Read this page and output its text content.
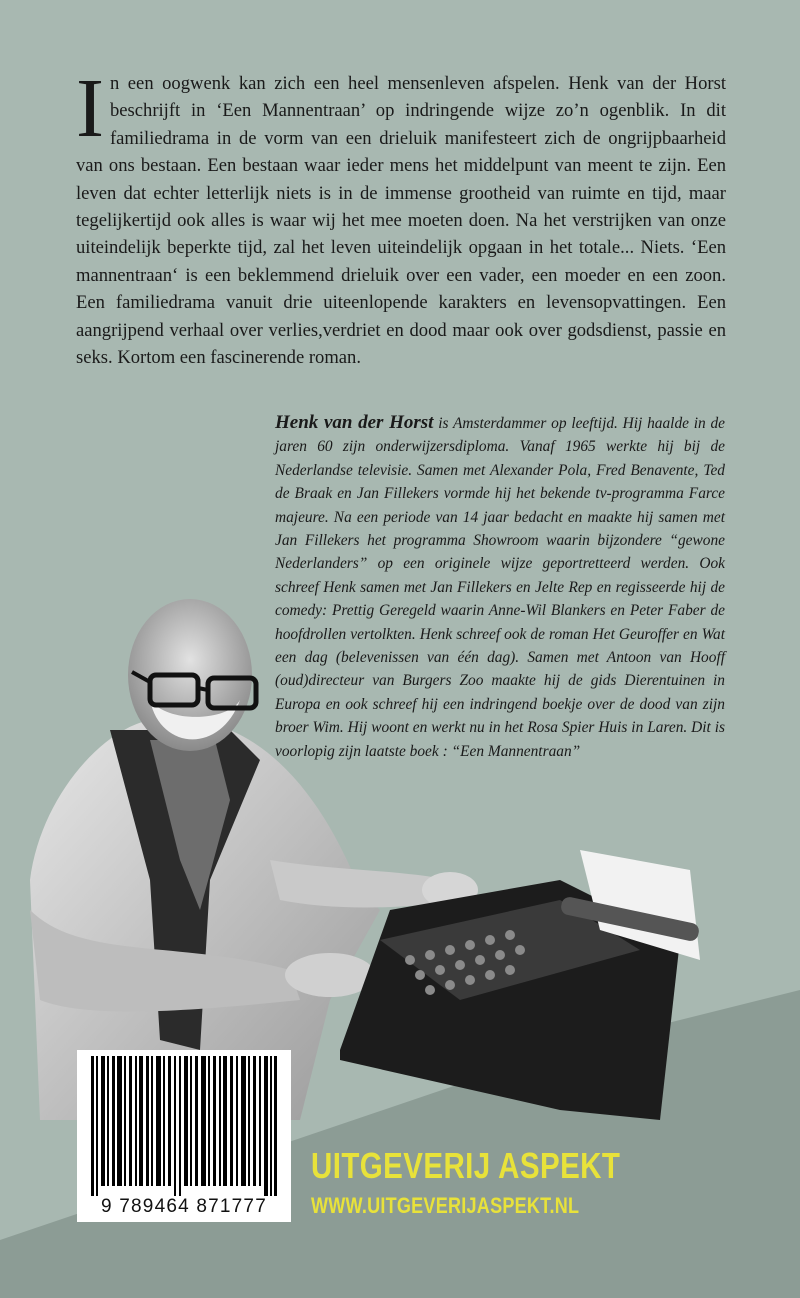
In een oogwenk kan zich een heel mensenleven afspelen. Henk van der Horst beschrijft in ‘Een Mannentraan’ op indringende wijze zo’n ogenblik. In dit familiedrama in de vorm van een drieluik manifesteert zich de ongrijpbaarheid van ons bestaan. Een bestaan waar ieder mens het middelpunt van meent te zijn. Een leven dat echter letterlijk niets is in de immense grootheid van ruimte en tijd, maar tegelijkertijd ook alles is waar wij het mee moeten doen. Na het verstrijken van onze uiteindelijk beperkte tijd, zal het leven uiteindelijk opgaan in het totale... Niets. ‘Een mannentraan‘ is een beklemmend drieluik over een vader, een moeder en een zoon. Een familiedrama vanuit drie uiteenlopende karakters en levensopvattingen. Een aangrijpend verhaal over verlies,verdriet en dood maar ook over godsdienst, passie en seks. Kortom een fascinerende roman.
Henk van der Horst is Amsterdammer op leeftijd. Hij haalde in de jaren 60 zijn onderwijzersdiploma. Vanaf 1965 werkte hij bij de Nederlandse televisie. Samen met Alexander Pola, Fred Benavente, Ted de Braak en Jan Fillekers vormde hij het bekende tv-programma Farce majeure. Na een periode van 14 jaar bedacht en maakte hij samen met Jan Fillekers het programma Showroom waarin bijzondere “gewone Nederlanders” op een originele wijze geportretteerd werden. Ook schreef Henk samen met Jan Fillekers en Jelte Rep en regisseerde hij de comedy: Prettig Geregeld waarin Anne-Wil Blankers en Peter Faber de hoofdrollen vertolkten. Henk schreef ook de roman Het Geuroffer en Wat een dag (belevenissen van één dag). Samen met Antoon van Hooff (oud)directeur van Burgers Zoo maakte hij de gids Dierentuinen in Europa en ook schreef hij een indringend boekje over de dood van zijn broer Wim. Hij woont en werkt nu in het Rosa Spier Huis in Laren. Dit is voorlopig zijn laatste boek : “Een Mannentraan”
9 789464 871777
UITGEVERIJ ASPEKT
WWW.UITGEVERIJASPEKT.NL
